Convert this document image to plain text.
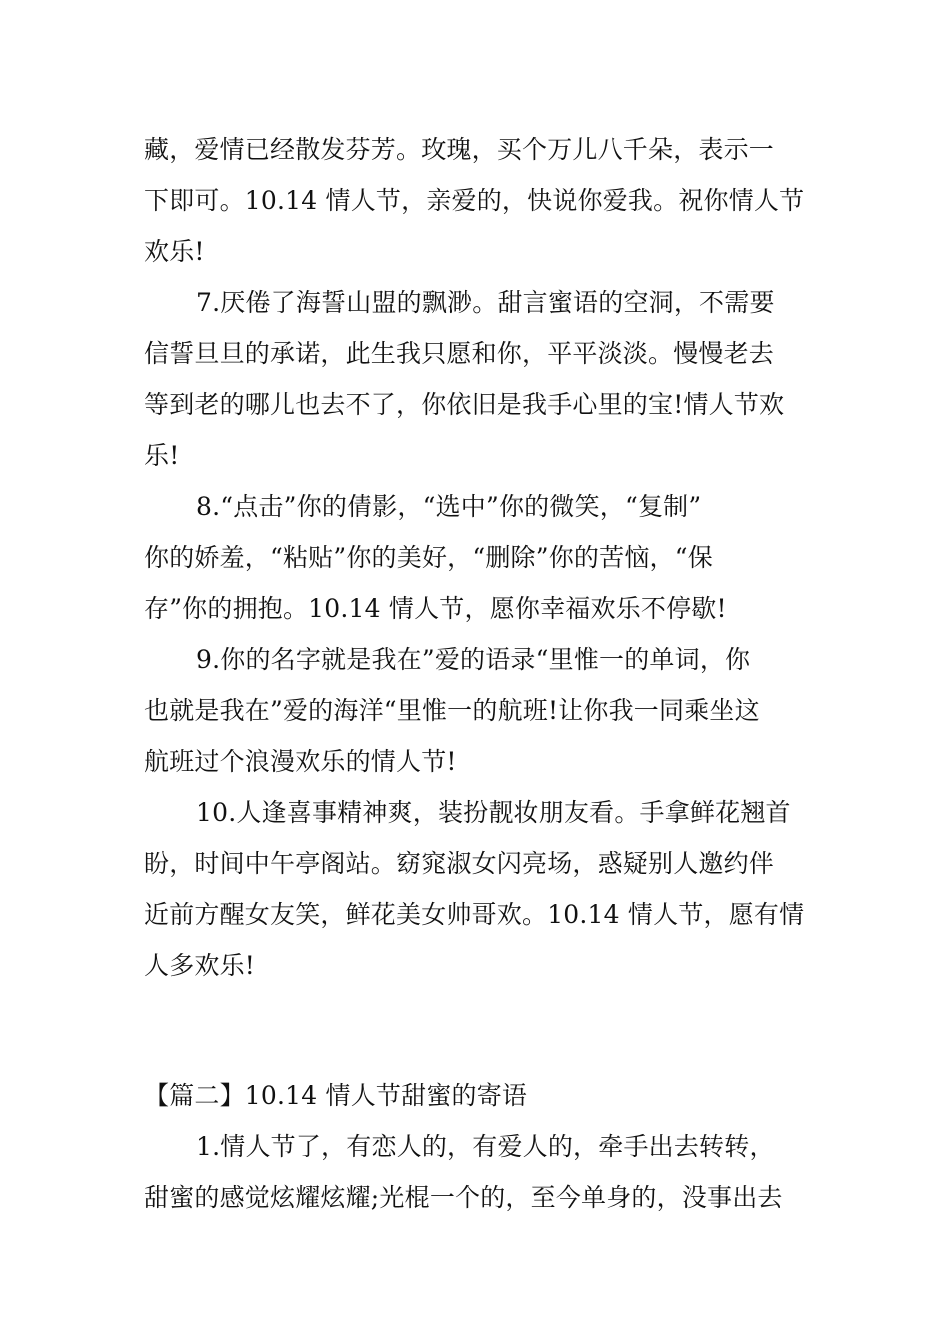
藏，爱情已经散发芬芳。玫瑰，买个万儿八千朵，表示一
下即可。10.14 情人节，亲爱的，快说你爱我。祝你情人节
欢乐!
7.厌倦了海誓山盟的飘渺。甜言蜜语的空洞，不需要
信誓旦旦的承诺，此生我只愿和你，平平淡淡。慢慢老去
等到老的哪儿也去不了，你依旧是我手心里的宝!情人节欢
乐!
8.“点击”你的倩影，“选中”你的微笑，“复制”
你的娇羞，“粘贴”你的美好，“删除”你的苦恼，“保
存”你的拥抱。10.14 情人节，愿你幸福欢乐不停歇!
9.你的名字就是我在”爱的语录“里惟一的单词，你
也就是我在”爱的海洋“里惟一的航班!让你我一同乘坐这
航班过个浪漫欢乐的情人节!
10.人逢喜事精神爽，装扮靓妆朋友看。手拿鲜花翘首
盼，时间中午亭阁站。窈窕淑女闪亮场，惑疑别人邀约伴
近前方醒女友笑，鲜花美女帅哥欢。10.14 情人节，愿有情
人多欢乐!
【篇二】10.14 情人节甜蜜的寄语
1.情人节了，有恋人的，有爱人的，牵手出去转转，
甜蜜的感觉炫耀炫耀;光棍一个的，至今单身的，没事出去
